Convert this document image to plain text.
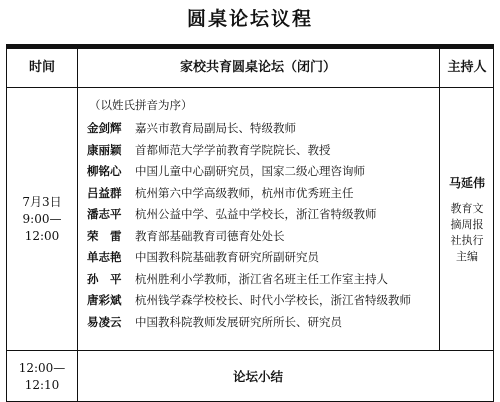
圆桌论坛议程
时间	家校共育圆桌论坛（闭门）	主持人
7月3日
9:00—
12:00
（以姓氏拼音为序）
金剑辉 嘉兴市教育局副局长、特级教师
康丽颖 首都师范大学学前教育学院院长、教授
柳铭心 中国儿童中心副研究员，国家二级心理咨询师
吕益群 杭州第六中学高级教师，杭州市优秀班主任
潘志平 杭州公益中学、弘益中学校长，浙江省特级教师
荣　雷 教育部基础教育司德育处处长
单志艳 中国教科院基础教育研究所副研究员
孙　平 杭州胜利小学教师，浙江省名班主任工作室主持人
唐彩斌 杭州钱学森学校校长、时代小学校长，浙江省特级教师
易凌云 中国教科院教师发展研究所所长、研究员
马延伟
教育文摘周报社执行主编
12:00—
12:10
论坛小结
